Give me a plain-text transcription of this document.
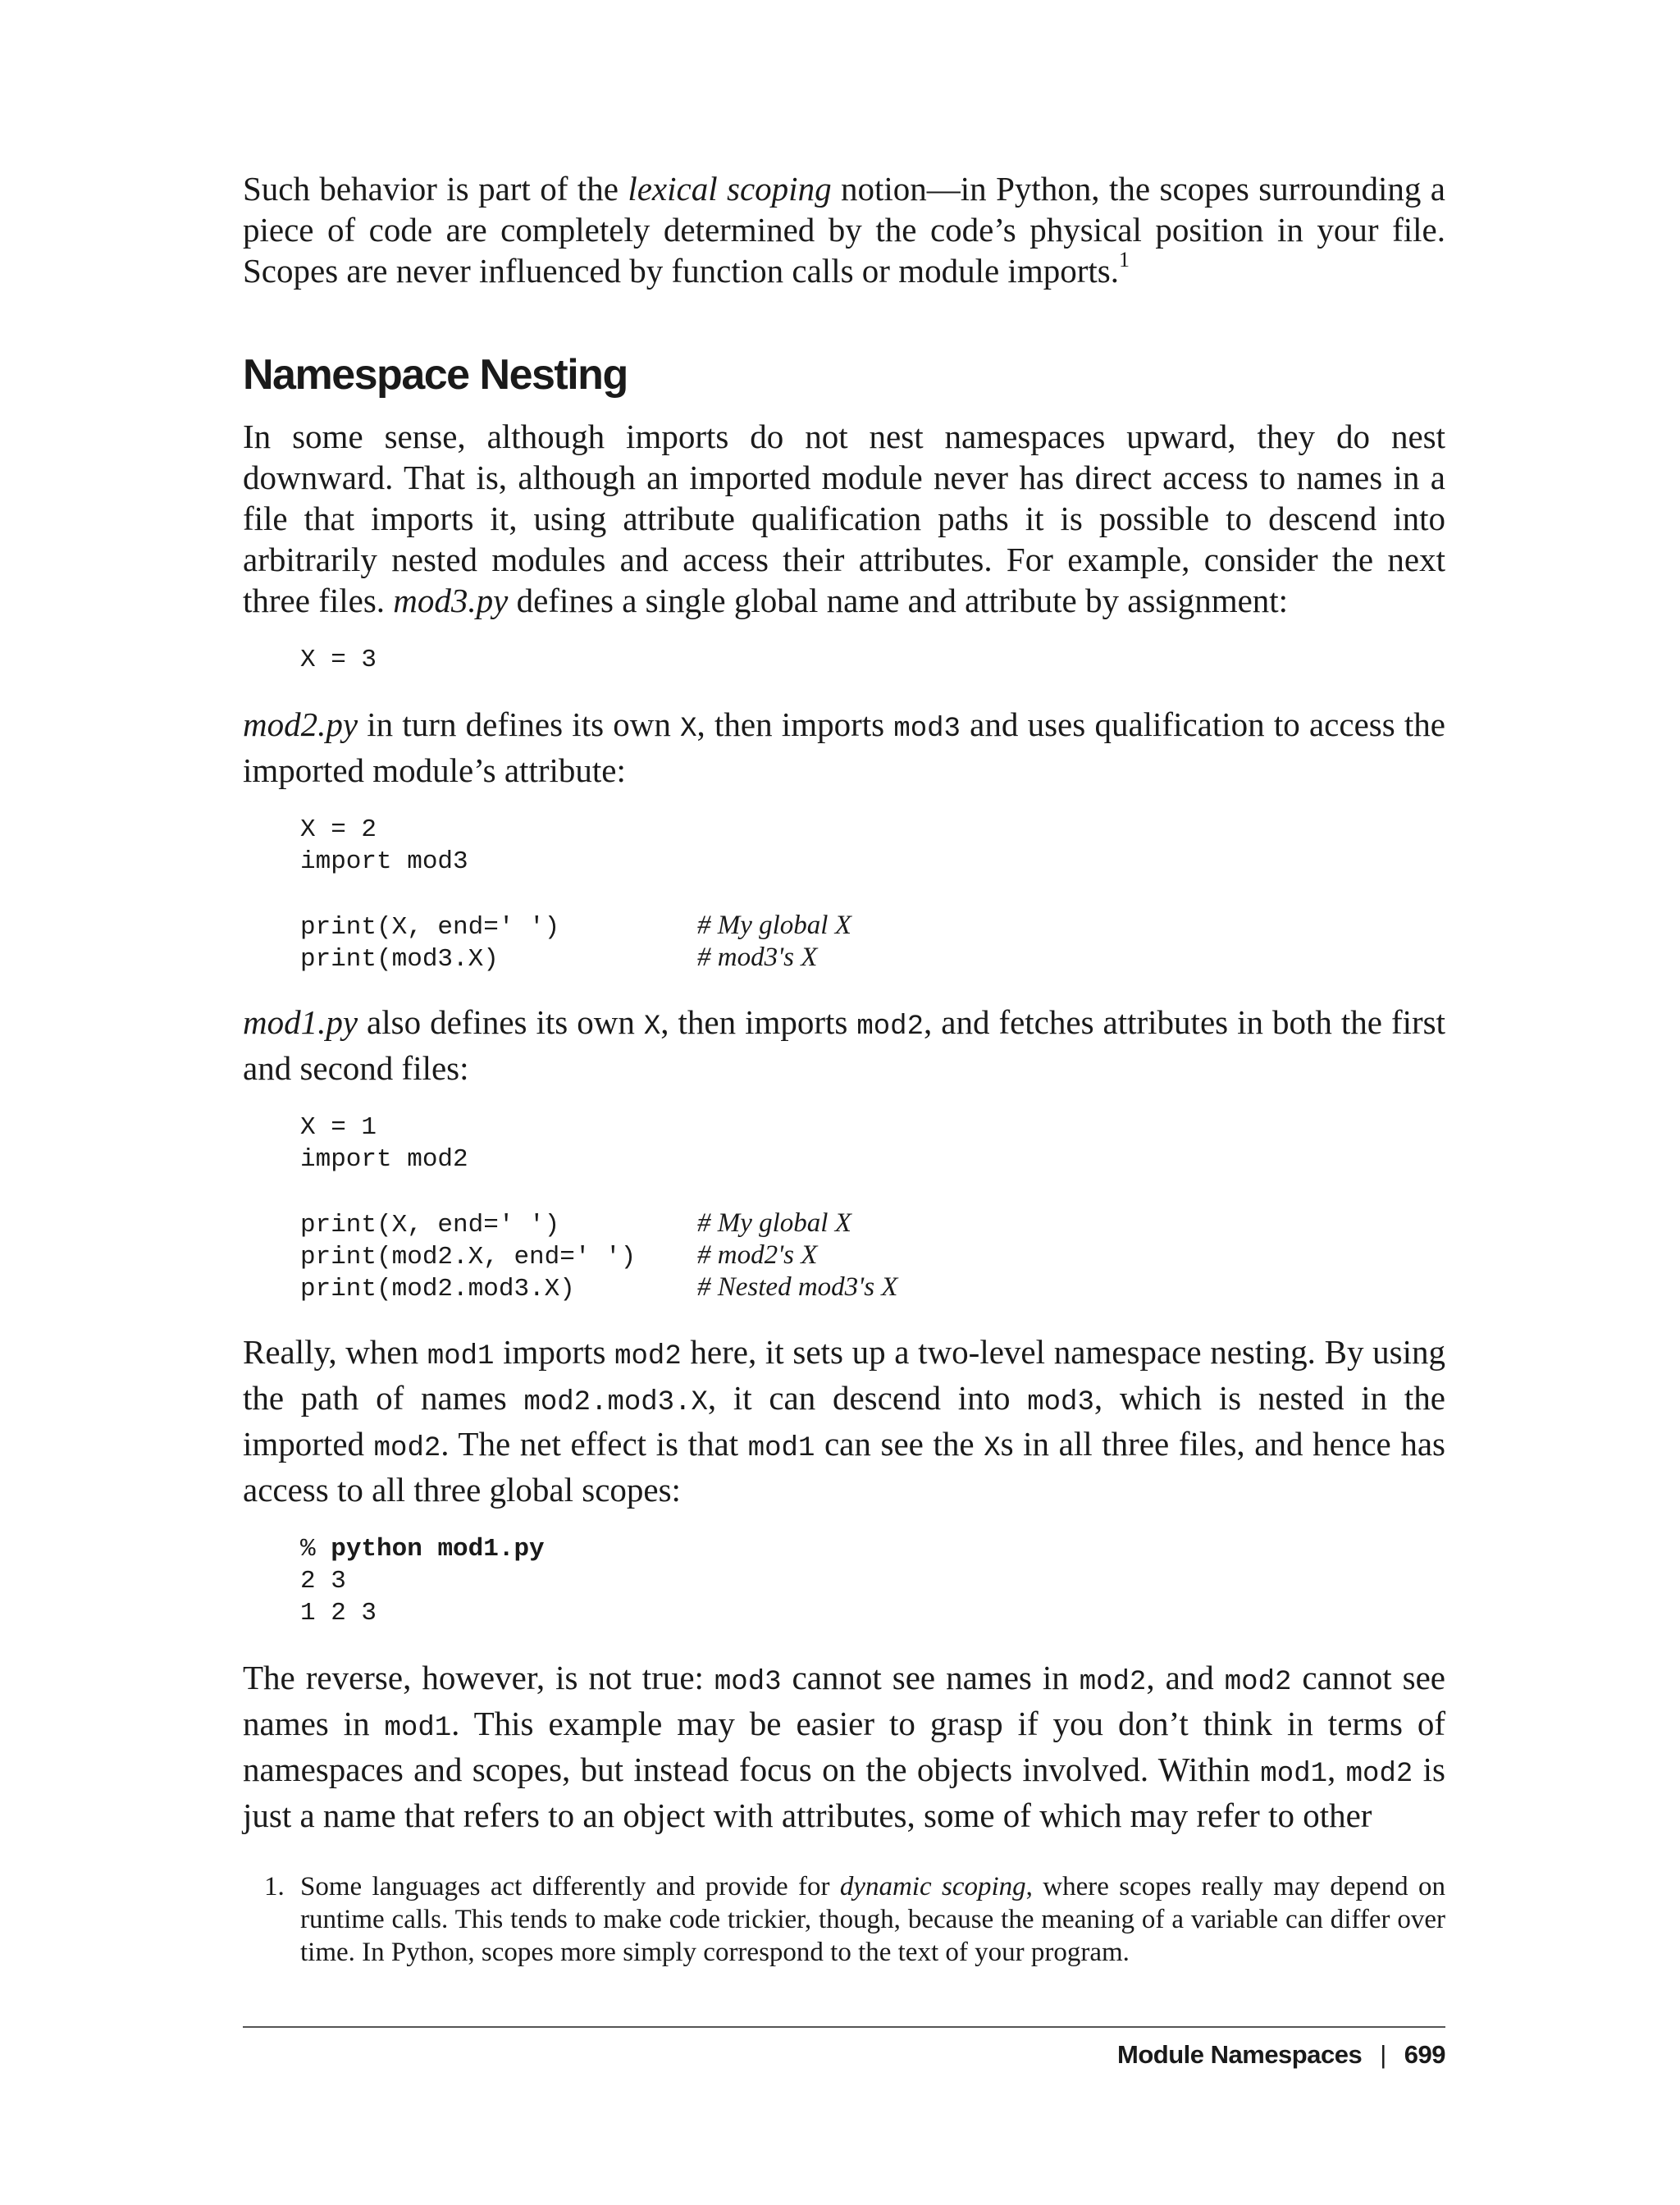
Such behavior is part of the lexical scoping notion—in Python, the scopes surrounding a piece of code are completely determined by the code’s physical position in your file. Scopes are never influenced by function calls or module imports.$^1$

Namespace Nesting

In some sense, although imports do not nest namespaces upward, they do nest downward. That is, although an imported module never has direct access to names in a file that imports it, using attribute qualification paths it is possible to descend into arbitrarily nested modules and access their attributes. For example, consider the next three files. mod3.py defines a single global name and attribute by assignment:

X = 3

mod2.py in turn defines its own X, then imports mod3 and uses qualification to access the imported module’s attribute:

X = 2
import mod3
print(X, end=' ')	# My global X
print(mod3.X)	# mod3's X

mod1.py also defines its own X, then imports mod2, and fetches attributes in both the first and second files:

X = 1
import mod2
print(X, end=' ')	# My global X
print(mod2.X, end=' ') # mod2's X
print(mod2.mod3.X)	# Nested mod3's X

Really, when mod1 imports mod2 here, it sets up a two-level namespace nesting. By using the path of names mod2.mod3.X, it can descend into mod3, which is nested in the imported mod2. The net effect is that mod1 can see the Xs in all three files, and hence has access to all three global scopes:

% python mod1.py
2 3
1 2 3

The reverse, however, is not true: mod3 cannot see names in mod2, and mod2 cannot see names in mod1. This example may be easier to grasp if you don’t think in terms of namespaces and scopes, but instead focus on the objects involved. Within mod1, mod2 is just a name that refers to an object with attributes, some of which may refer to other

1. Some languages act differently and provide for dynamic scoping, where scopes really may depend on runtime calls. This tends to make code trickier, though, because the meaning of a variable can differ over time. In Python, scopes more simply correspond to the text of your program.
Module Namespaces | 699
